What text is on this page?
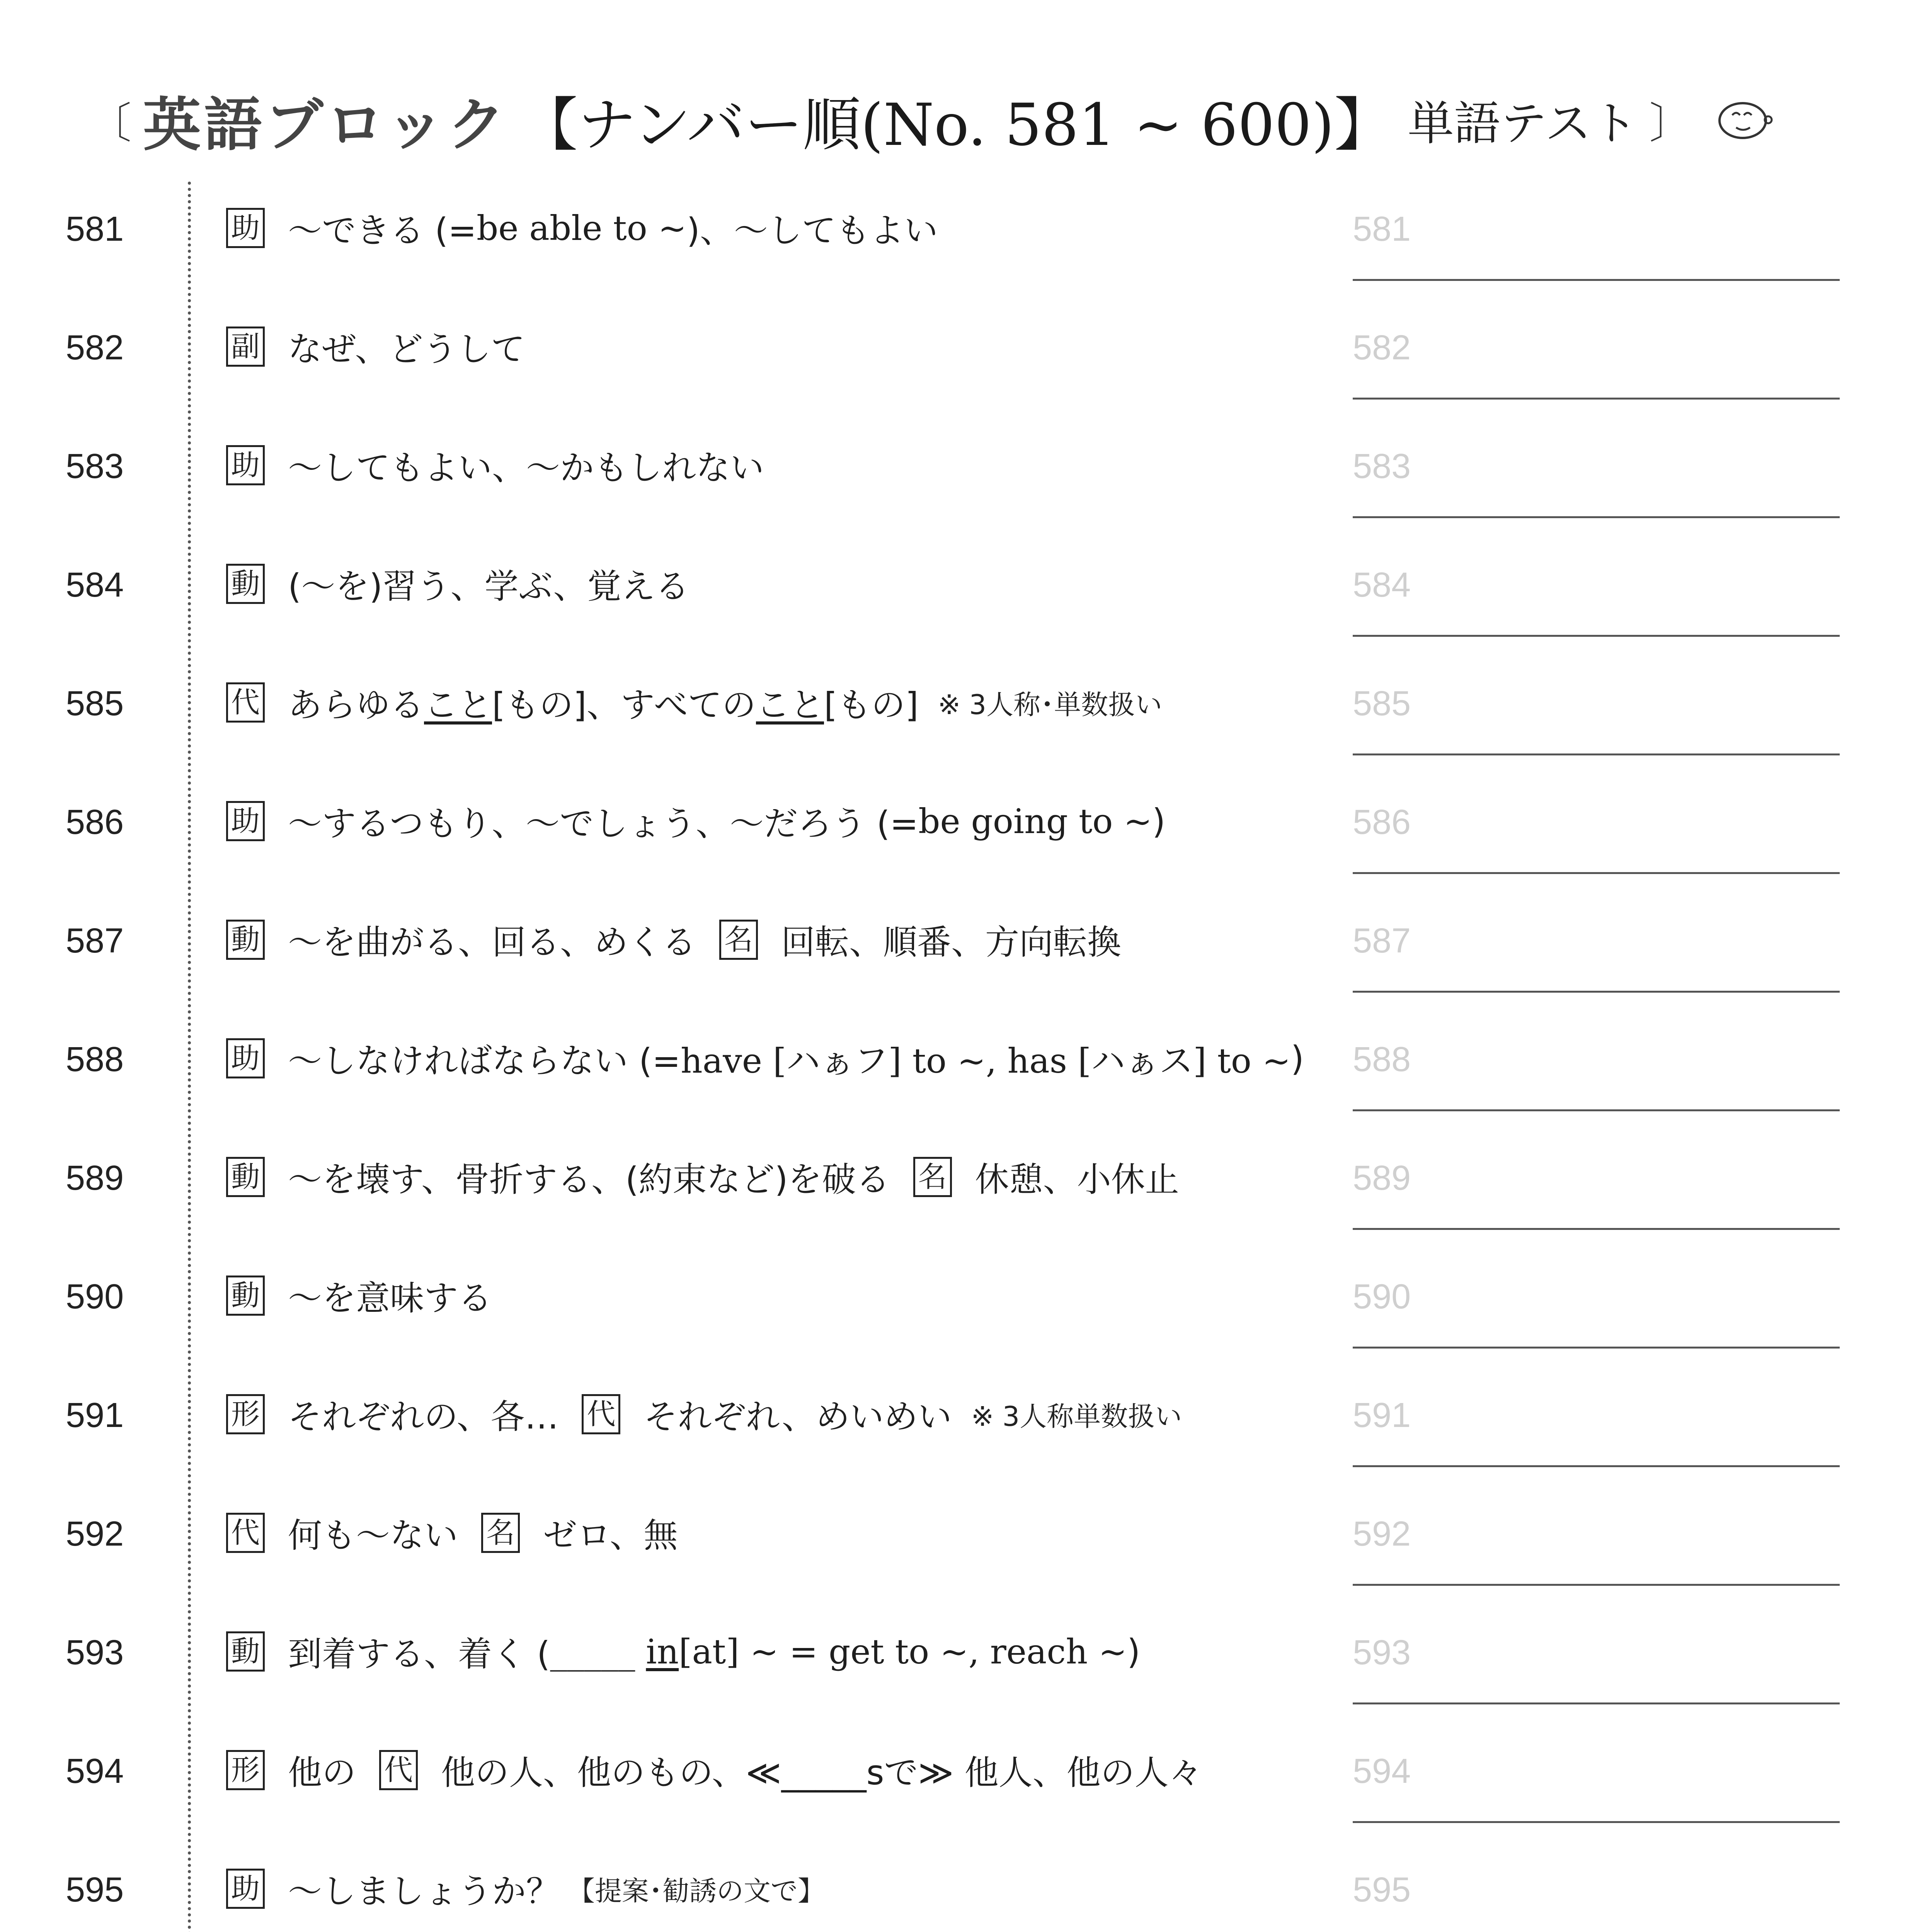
〔 英語ブロック 【ナンバー順(No. 581 ~ 600)】 単語テスト 〕
581	助 ～できる (= be able to ~ )、～してもよい	581
582	副 なぜ、どうして	582
583	助 ～してもよい、～かもしれない	583
584	動 (～を)習う、学ぶ、覚える	584
585	代 あらゆる こと [もの]、すべての こと [もの] ※ 3人称･単数扱い	585
586	助 ～するつもり、～でしょう、～だろう (= be going to ~ )	586
587	動 ～を曲がる、回る、めくる 名 回転、順番、方向転換	587
588	助 ～しなければならない (= have [ハぁフ] to ~, has [ハぁス] to ~ ) 588
589	動 ～を壊す、骨折する、(約束など)を破る 名 休憩、小休止	589
590	動 ～を意味する	590
591	形 それぞれの、各… 代 それぞれ、めいめい ※ 3人称単数扱い	591
592	代 何も～ない 名 ゼロ、無	592
593	動 到着する、着く ( _____
in [at] ~ = get to ~, reach ~ )	593
594	形 他の 代 他の人、他のもの、≪_____sで≫ 他人、他の人々	594
595	助 ～しましょうか？ 【提案･勧誘の文で】	595
